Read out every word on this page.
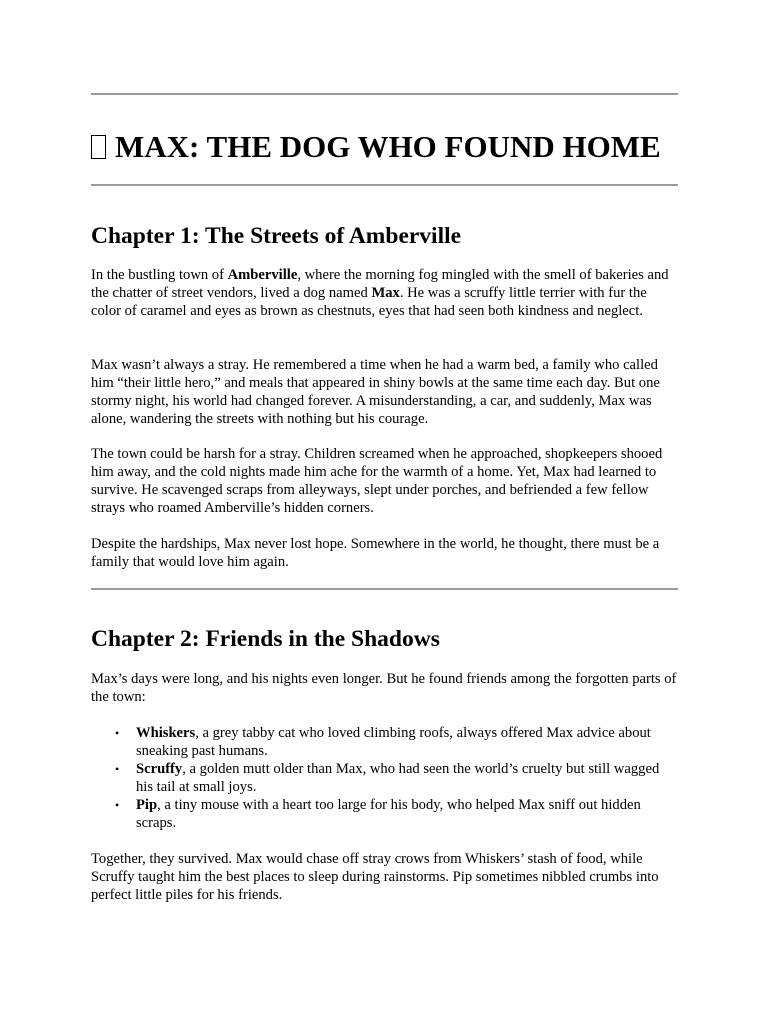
MAX: THE DOG WHO FOUND HOME
Chapter 1: The Streets of Amberville

In the bustling town of Amberville, where the morning fog mingled with the smell of bakeries and the chatter of street vendors, lived a dog named Max. He was a scruffy little terrier with fur the color of caramel and eyes as brown as chestnuts, eyes that had seen both kindness and neglect.

Max wasn’t always a stray. He remembered a time when he had a warm bed, a family who called him “their little hero,” and meals that appeared in shiny bowls at the same time each day. But one stormy night, his world had changed forever. A misunderstanding, a car, and suddenly, Max was alone, wandering the streets with nothing but his courage.

The town could be harsh for a stray. Children screamed when he approached, shopkeepers shooed him away, and the cold nights made him ache for the warmth of a home. Yet, Max had learned to survive. He scavenged scraps from alleyways, slept under porches, and befriended a few fellow strays who roamed Amberville’s hidden corners.

Despite the hardships, Max never lost hope. Somewhere in the world, he thought, there must be a family that would love him again.

Chapter 2: Friends in the Shadows

Max’s days were long, and his nights even longer. But he found friends among the forgotten parts of the town:

• Whiskers, a grey tabby cat who loved climbing roofs, always offered Max advice about sneaking past humans.
• Scruffy, a golden mutt older than Max, who had seen the world’s cruelty but still wagged his tail at small joys.
• Pip, a tiny mouse with a heart too large for his body, who helped Max sniff out hidden scraps.

Together, they survived. Max would chase off stray crows from Whiskers’ stash of food, while Scruffy taught him the best places to sleep during rainstorms. Pip sometimes nibbled crumbs into perfect little piles for his friends.
